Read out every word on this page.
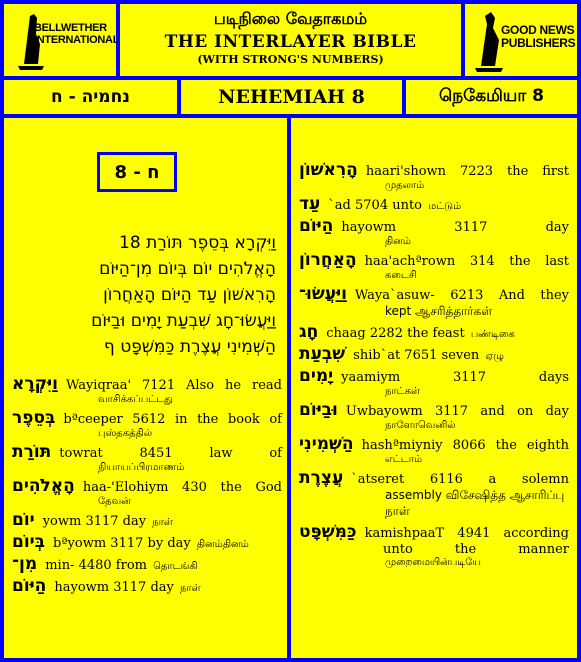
BELLWETHER INTERNATIONAL
படிநிலை வேதாகமம்
THE INTERLAYER BIBLE
(WITH STRONG'S NUMBERS)
GOOD NEWS PUBLISHERS
נחמיה - ח	NEHEMIAH 8	நெகேமியா 8
ח - 8
וַיִּקְרָא בְּסֵפֶר תּוֹרַת 18
הָאֱלֹהִים יוֹם בְּיוֹם מִן־הַיּוֹם
הָרִאשׁוֹן עַד הַיּוֹם הָאַחֲרוֹן
וַיַּעֲשׂוּ־חָג שִׁבְעַת יָמִים וּבַיּוֹם
הַשְּׁמִינִי עֲצֶרֶת כַּמִּשְׁפָּט ף
וַיִּקְרָא Wayiqraa' 7121 Also he read
வாசிக்கப்பட்டது
בְּסֵפֶר bªceeper 5612 in the book of
புஸ்தகத்தில்
תּוֹרַת towrat 8451 law of
நியாயப்பிரமாணம்
הָאֱלֹהִים haa-'Elohiym 430 the God
தேவன்
יוֹם yowm 3117 day நாள்
בְּיוֹם bªyowm 3117 by day தினம்தினம்
מִן־ min- 4480 from தொடங்கி
הַיּוֹם hayowm 3117 day நாள்
הָרִאשׁוֹן haari'shown 7223 the first
முதலாம்
עַד `ad 5704 unto மட்டும்
הַיּוֹם hayowm 3117 day
தினம்
הָאַחֲרוֹן haa'achªrown 314 the last
கடைசி
וַיַּעֲשׂוּ־ Waya`asuw- 6213 And they
kept ஆசரித்தார்கள்
חָג chaag 2282 the feast பண்டிகை
שִׁבְעַת shib`at 7651 seven ஏழு
יָמִים yaamiym 3117 days
நாட்கள்
וּבַיּוֹם Uwbayowm 3117 and on day
நாளோவெனில்
הַשְּׁמִינִי hashªmiyniy 8066 the eighth
எட்டாம்
עֲצֶרֶת `atseret 6116 a solemn
assembly விசேஷித்த ஆசாரிப்பு நாள்
כַּמִּשְׁפָּט kamishpaaT 4941 according
unto the manner
முறைமையின்படியே
